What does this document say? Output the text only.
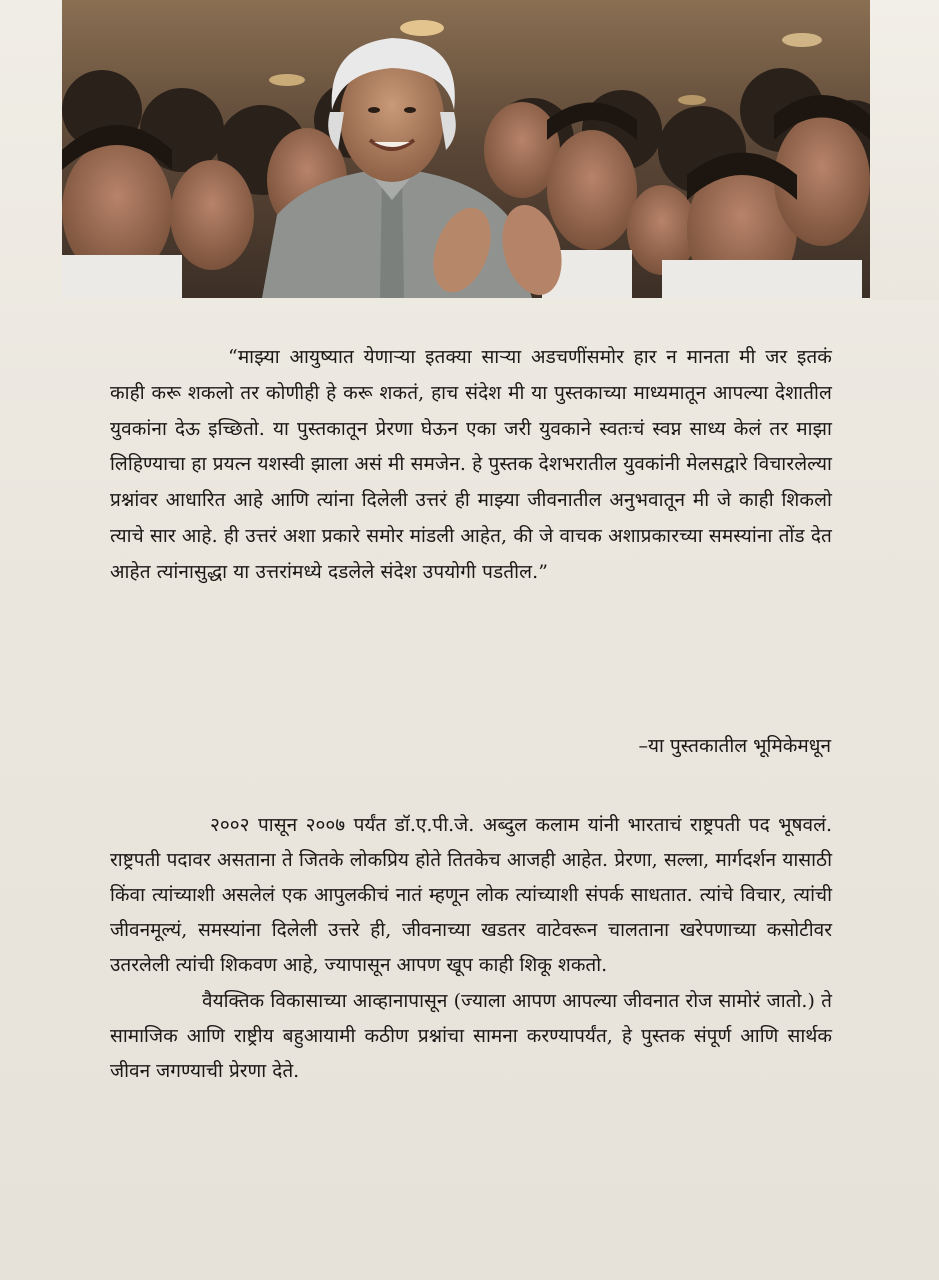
“माझ्या आयुष्यात येणाऱ्या इतक्या साऱ्या अडचणींसमोर हार न मानता मी जर इतकं काही करू शकलो तर कोणीही हे करू शकतं, हाच संदेश मी या पुस्तकाच्या माध्यमातून आपल्या देशातील युवकांना देऊ इच्छितो. या पुस्तकातून प्रेरणा घेऊन एका जरी युवकाने स्वतःचं स्वप्न साध्य केलं तर माझा लिहिण्याचा हा प्रयत्न यशस्वी झाला असं मी समजेन. हे पुस्तक देशभरातील युवकांनी मेलसद्वारे विचारलेल्या प्रश्नांवर आधारित आहे आणि त्यांना दिलेली उत्तरं ही माझ्या जीवनातील अनुभवातून मी जे काही शिकलो त्याचे सार आहे. ही उत्तरं अशा प्रकारे समोर मांडली आहेत, की जे वाचक अशाप्रकारच्या समस्यांना तोंड देत आहेत त्यांनासुद्धा या उत्तरांमध्ये दडलेले संदेश उपयोगी पडतील.”

–या पुस्तकातील भूमिकेमधून

२००२ पासून २००७ पर्यंत डॉ.ए.पी.जे. अब्दुल कलाम यांनी भारताचं राष्ट्रपती पद भूषवलं. राष्ट्रपती पदावर असताना ते जितके लोकप्रिय होते तितकेच आजही आहेत. प्रेरणा, सल्ला, मार्गदर्शन यासाठी किंवा त्यांच्याशी असलेलं एक आपुलकीचं नातं म्हणून लोक त्यांच्याशी संपर्क साधतात. त्यांचे विचार, त्यांची जीवनमूल्यं, समस्यांना दिलेली उत्तरे ही, जीवनाच्या खडतर वाटेवरून चालताना खरेपणाच्या कसोटीवर उतरलेली त्यांची शिकवण आहे, ज्यापासून आपण खूप काही शिकू शकतो.

वैयक्तिक विकासाच्या आव्हानापासून (ज्याला आपण आपल्या जीवनात रोज सामोरं जातो.) ते सामाजिक आणि राष्ट्रीय बहुआयामी कठीण प्रश्नांचा सामना करण्यापर्यंत, हे पुस्तक संपूर्ण आणि सार्थक जीवन जगण्याची प्रेरणा देते.
